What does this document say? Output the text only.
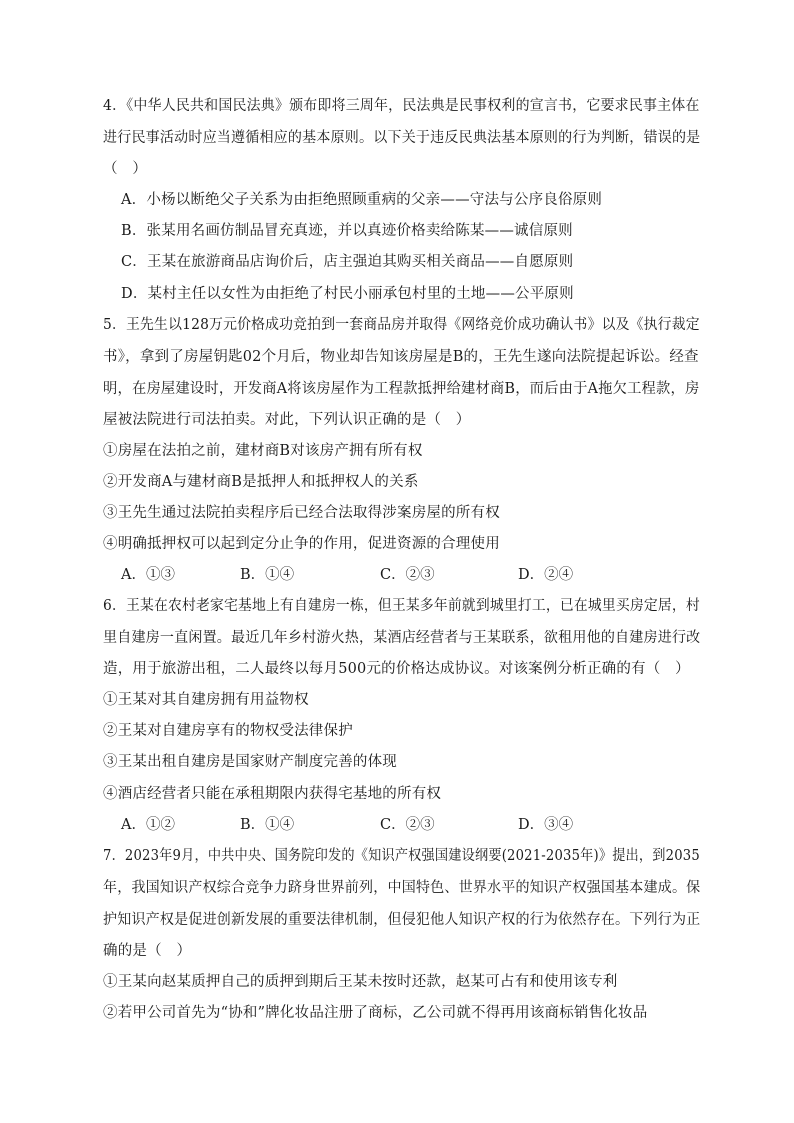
4．《中华人民共和国民法典》颁布即将三周年，民法典是民事权利的宣言书，它要求民事主体在
进行民事活动时应当遵循相应的基本原则。以下关于违反民典法基本原则的行为判断，错误的是
（　）
A．小杨以断绝父子关系为由拒绝照顾重病的父亲——守法与公序良俗原则
B．张某用名画仿制品冒充真迹，并以真迹价格卖给陈某——诚信原则
C．王某在旅游商品店询价后，店主强迫其购买相关商品——自愿原则
D．某村主任以女性为由拒绝了村民小丽承包村里的土地——公平原则
5．王先生以128万元价格成功竞拍到一套商品房并取得《网络竞价成功确认书》以及《执行裁定
书》，拿到了房屋钥匙02个月后，物业却告知该房屋是B的，王先生遂向法院提起诉讼。经查
明，在房屋建设时，开发商A将该房屋作为工程款抵押给建材商B，而后由于A拖欠工程款，房
屋被法院进行司法拍卖。对此，下列认识正确的是（　）
①房屋在法拍之前，建材商B对该房产拥有所有权
②开发商A与建材商B是抵押人和抵押权人的关系
③王先生通过法院拍卖程序后已经合法取得涉案房屋的所有权
④明确抵押权可以起到定分止争的作用，促进资源的合理使用
A．①③	B．①④	C．②③	D．②④
6．王某在农村老家宅基地上有自建房一栋，但王某多年前就到城里打工，已在城里买房定居，村
里自建房一直闲置。最近几年乡村游火热，某酒店经营者与王某联系，欲租用他的自建房进行改
造，用于旅游出租，二人最终以每月500元的价格达成协议。对该案例分析正确的有（　）
①王某对其自建房拥有用益物权
②王某对自建房享有的物权受法律保护
③王某出租自建房是国家财产制度完善的体现
④酒店经营者只能在承租期限内获得宅基地的所有权
A．①②	B．①④	C．②③	D．③④
7．2023年9月，中共中央、国务院印发的《知识产权强国建设纲要(2021-2035年)》提出，到2035
年，我国知识产权综合竞争力跻身世界前列，中国特色、世界水平的知识产权强国基本建成。保
护知识产权是促进创新发展的重要法律机制，但侵犯他人知识产权的行为依然存在。下列行为正
确的是（　）
①王某向赵某质押自己的质押到期后王某未按时还款，赵某可占有和使用该专利
②若甲公司首先为“协和”牌化妆品注册了商标，乙公司就不得再用该商标销售化妆品
